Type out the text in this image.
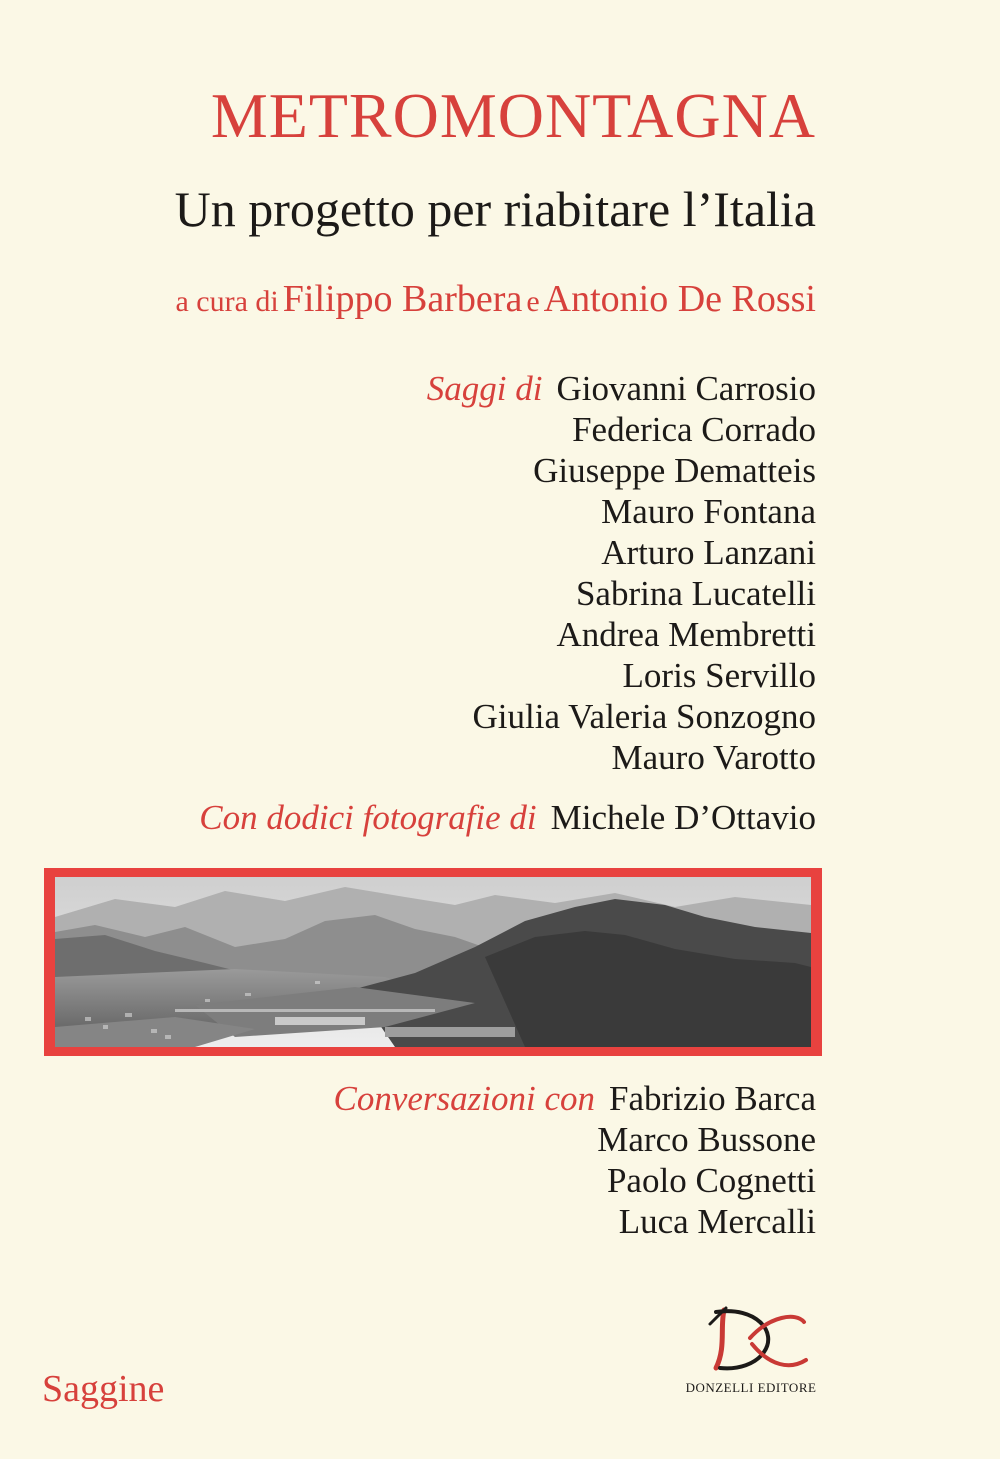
METROMONTAGNA
Un progetto per riabitare l’Italia
a cura di Filippo Barbera e Antonio De Rossi
Saggi di Giovanni Carrosio
Federica Corrado
Giuseppe Dematteis
Mauro Fontana
Arturo Lanzani
Sabrina Lucatelli
Andrea Membretti
Loris Servillo
Giulia Valeria Sonzogno
Mauro Varotto
Con dodici fotografie di Michele D’Ottavio
Conversazioni con Fabrizio Barca
Marco Bussone
Paolo Cognetti
Luca Mercalli
Saggine	DONZELLI EDITORE
